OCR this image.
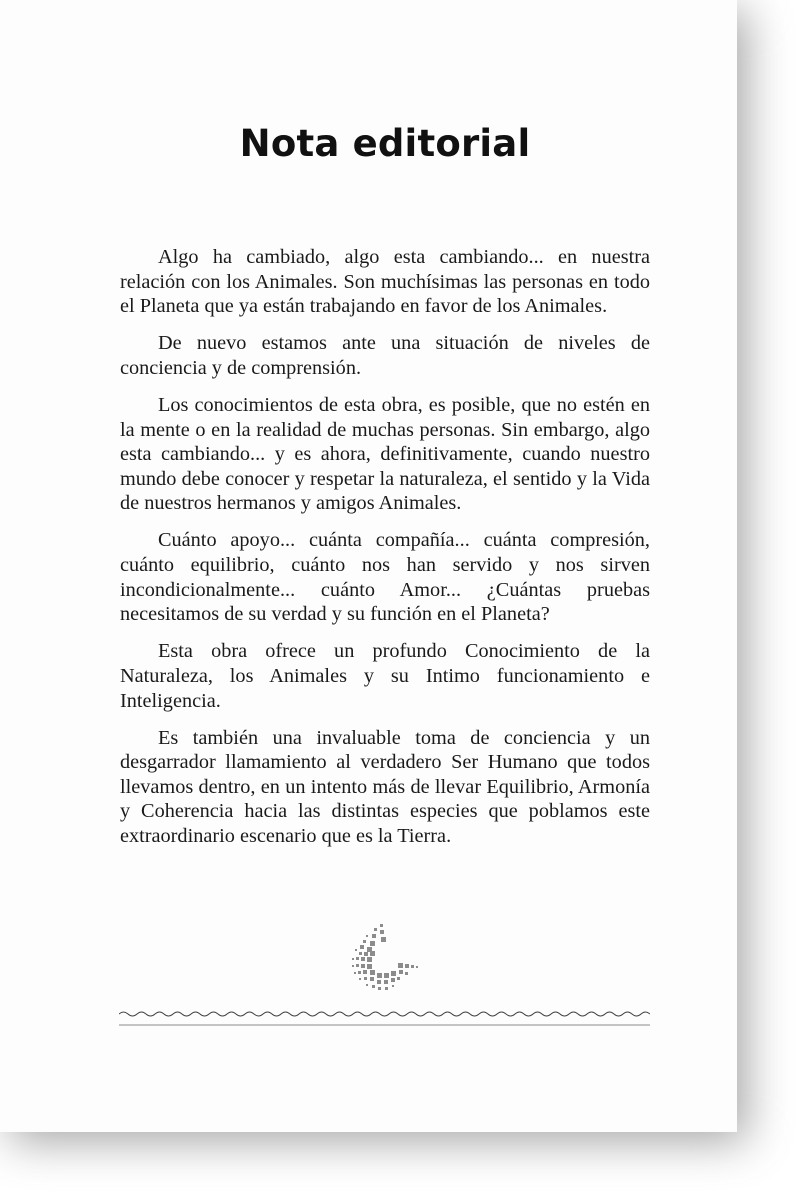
Nota editorial

Algo ha cambiado, algo esta cambiando... en nuestra relación con los Animales. Son muchísimas las personas en todo el Planeta que ya están trabajando en favor de los Animales.

De nuevo estamos ante una situación de niveles de conciencia y de comprensión.

Los conocimientos de esta obra, es posible, que no estén en la mente o en la realidad de muchas personas. Sin embargo, algo esta cambiando... y es ahora, definitivamente, cuando nuestro mundo debe conocer y respetar la naturaleza, el sentido y la Vida de nuestros hermanos y amigos Animales.

Cuánto apoyo... cuánta compañía... cuánta compresión, cuánto equilibrio, cuánto nos han servido y nos sirven incondicionalmente... cuánto Amor... ¿Cuántas pruebas necesitamos de su verdad y su función en el Planeta?

Esta obra ofrece un profundo Conocimiento de la Naturaleza, los Animales y su Intimo funcionamiento e Inteligencia.

Es también una invaluable toma de conciencia y un desgarrador llamamiento al verdadero Ser Humano que todos llevamos dentro, en un intento más de llevar Equilibrio, Armonía y Coherencia hacia las distintas especies que poblamos este extraordinario escenario que es la Tierra.
